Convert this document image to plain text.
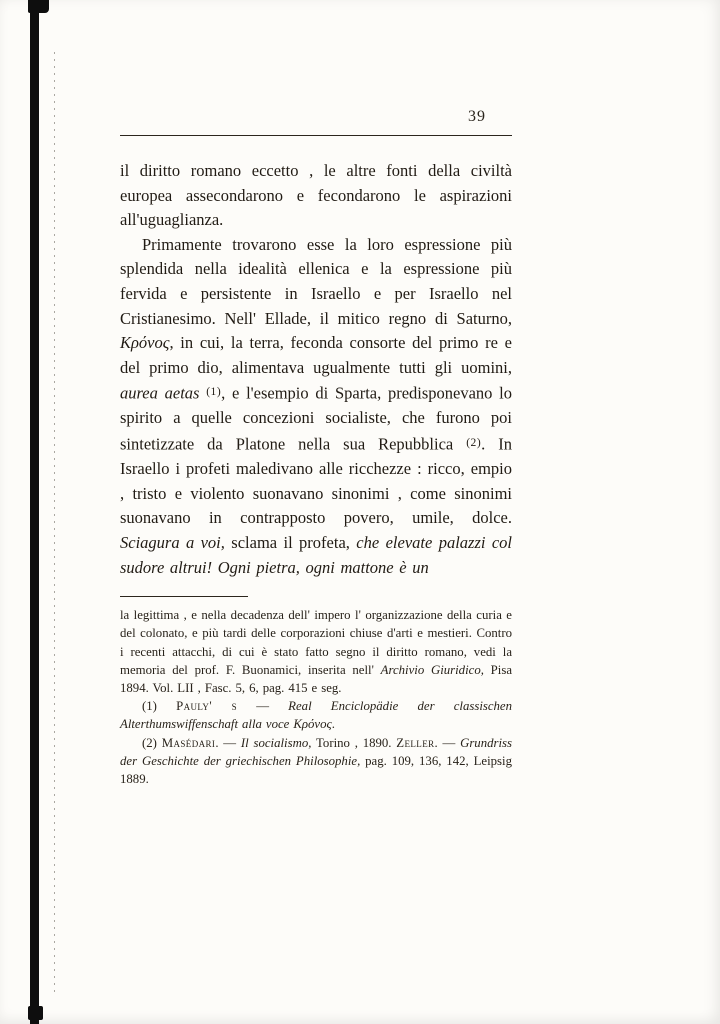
39

il diritto romano eccetto , le altre fonti della civiltà europea assecondarono e fecondarono le aspirazioni all'uguaglianza.

Primamente trovarono esse la loro espressione più splendida nella idealità ellenica e la espressione più fervida e persistente in Israello e per Israello nel Cristianesimo. Nell' Ellade, il mitico regno di Saturno, Κρόνος, in cui, la terra, feconda consorte del primo re e del primo dio, alimentava ugualmente tutti gli uomini, aurea aetas $^{(1)}$, e l'esempio di Sparta, predisponevano lo spirito a quelle concezioni socialiste, che furono poi sintetizzate da Platone nella sua Repubblica $^{(2)}$. In Israello i profeti maledivano alle ricchezze : ricco, empio , tristo e violento suonavano sinonimi , come sinonimi suonavano in contrapposto povero, umile, dolce. Sciagura a voi, sclama il profeta, che elevate palazzi col sudore altrui! Ogni pietra, ogni mattone è un

la legittima , e nella decadenza dell' impero l' organizzazione della curia e del colonato, e più tardi delle corporazioni chiuse d'arti e mestieri. Contro i recenti attacchi, di cui è stato fatto segno il diritto romano, vedi la memoria del prof. F. Buonamici, inserita nell' Archivio Giuridico, Pisa 1894. Vol. LII , Fasc. 5, 6, pag. 415 e seg.

(1) Pauly' s — Real Enciclopädie der classischen Alterthumswiffenschaft alla voce Κρόνος.

(2) Masédari. — Il socialismo, Torino , 1890. Zeller. — Grundriss der Geschichte der griechischen Philosophie, pag. 109, 136, 142, Leipsig 1889.
